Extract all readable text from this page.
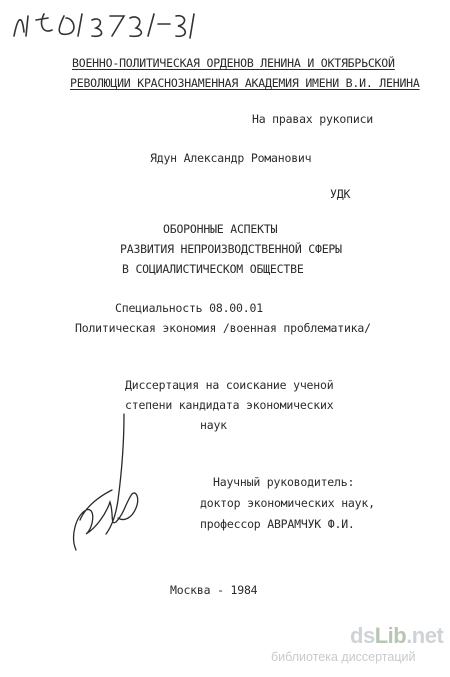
ВОЕННО-ПОЛИТИЧЕСКАЯ ОРДЕНОВ ЛЕНИНА И ОКТЯБРЬСКОЙ
РЕВОЛЮЦИИ КРАСНОЗНАМЕННАЯ АКАДЕМИЯ ИМЕНИ В.И. ЛЕНИНА
На правах рукописи
Ядун Александр Романович
УДК
ОБОРОННЫЕ АСПЕКТЫ
РАЗВИТИЯ НЕПРОИЗВОДСТВЕННОЙ СФЕРЫ
В СОЦИАЛИСТИЧЕСКОМ ОБЩЕСТВЕ
Специальность 08.00.01
Политическая экономия /военная проблематика/
Диссертация на соискание ученой
степени кандидата экономических
наук
Научный руководитель:
доктор экономических наук,
профессор АВРАМЧУК Ф.И.
Москва - 1984
dsLib.net
библиотека диссертаций
